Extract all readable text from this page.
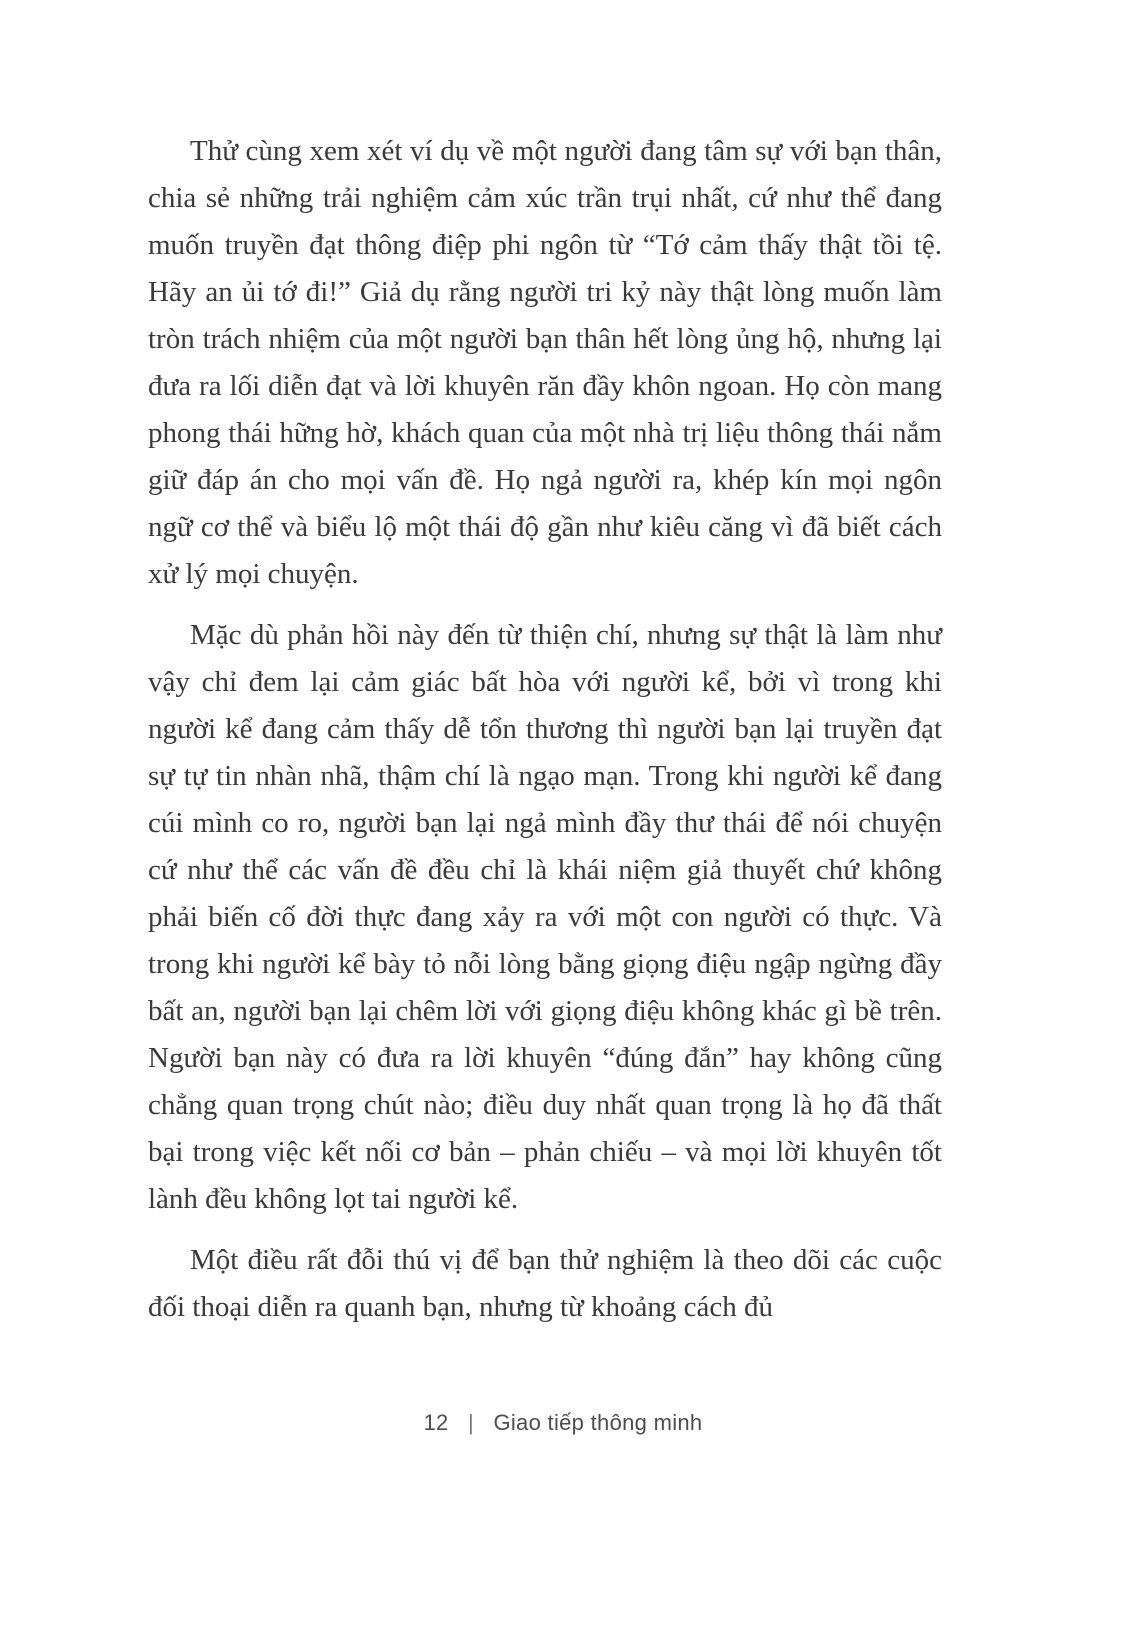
Thử cùng xem xét ví dụ về một người đang tâm sự với bạn thân, chia sẻ những trải nghiệm cảm xúc trần trụi nhất, cứ như thể đang muốn truyền đạt thông điệp phi ngôn từ “Tớ cảm thấy thật tồi tệ. Hãy an ủi tớ đi!” Giả dụ rằng người tri kỷ này thật lòng muốn làm tròn trách nhiệm của một người bạn thân hết lòng ủng hộ, nhưng lại đưa ra lối diễn đạt và lời khuyên răn đầy khôn ngoan. Họ còn mang phong thái hững hờ, khách quan của một nhà trị liệu thông thái nắm giữ đáp án cho mọi vấn đề. Họ ngả người ra, khép kín mọi ngôn ngữ cơ thể và biểu lộ một thái độ gần như kiêu căng vì đã biết cách xử lý mọi chuyện.

Mặc dù phản hồi này đến từ thiện chí, nhưng sự thật là làm như vậy chỉ đem lại cảm giác bất hòa với người kể, bởi vì trong khi người kể đang cảm thấy dễ tổn thương thì người bạn lại truyền đạt sự tự tin nhàn nhã, thậm chí là ngạo mạn. Trong khi người kể đang cúi mình co ro, người bạn lại ngả mình đầy thư thái để nói chuyện cứ như thể các vấn đề đều chỉ là khái niệm giả thuyết chứ không phải biến cố đời thực đang xảy ra với một con người có thực. Và trong khi người kể bày tỏ nỗi lòng bằng giọng điệu ngập ngừng đầy bất an, người bạn lại chêm lời với giọng điệu không khác gì bề trên. Người bạn này có đưa ra lời khuyên “đúng đắn” hay không cũng chẳng quan trọng chút nào; điều duy nhất quan trọng là họ đã thất bại trong việc kết nối cơ bản – phản chiếu – và mọi lời khuyên tốt lành đều không lọt tai người kể.

Một điều rất đỗi thú vị để bạn thử nghiệm là theo dõi các cuộc đối thoại diễn ra quanh bạn, nhưng từ khoảng cách đủ

12 | Giao tiếp thông minh
